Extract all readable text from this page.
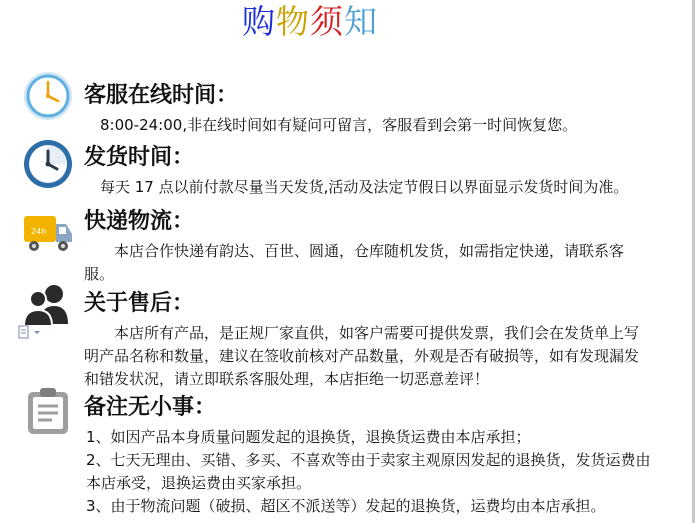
购物须知
客服在线时间：
8:00-24:00,非在线时间如有疑问可留言，客服看到会第一时间恢复您。
发货时间：
每天 17 点以前付款尽量当天发货,活动及法定节假日以界面显示发货时间为准。
24h 快递物流：
本店合作快递有韵达、百世、圆通，仓库随机发货，如需指定快递，请联系客服。
关于售后：
本店所有产品，是正规厂家直供，如客户需要可提供发票，我们会在发货单上写明产品名称和数量，建议在签收前核对产品数量，外观是否有破损等，如有发现漏发和错发状况，请立即联系客服处理，本店拒绝一切恶意差评！
备注无小事：
1、如因产品本身质量问题发起的退换货，退换货运费由本店承担；
2、七天无理由、买错、多买、不喜欢等由于卖家主观原因发起的退换货，发货运费由本店承受，退换运费由买家承担。
3、由于物流问题（破损、超区不派送等）发起的退换货，运费均由本店承担。
